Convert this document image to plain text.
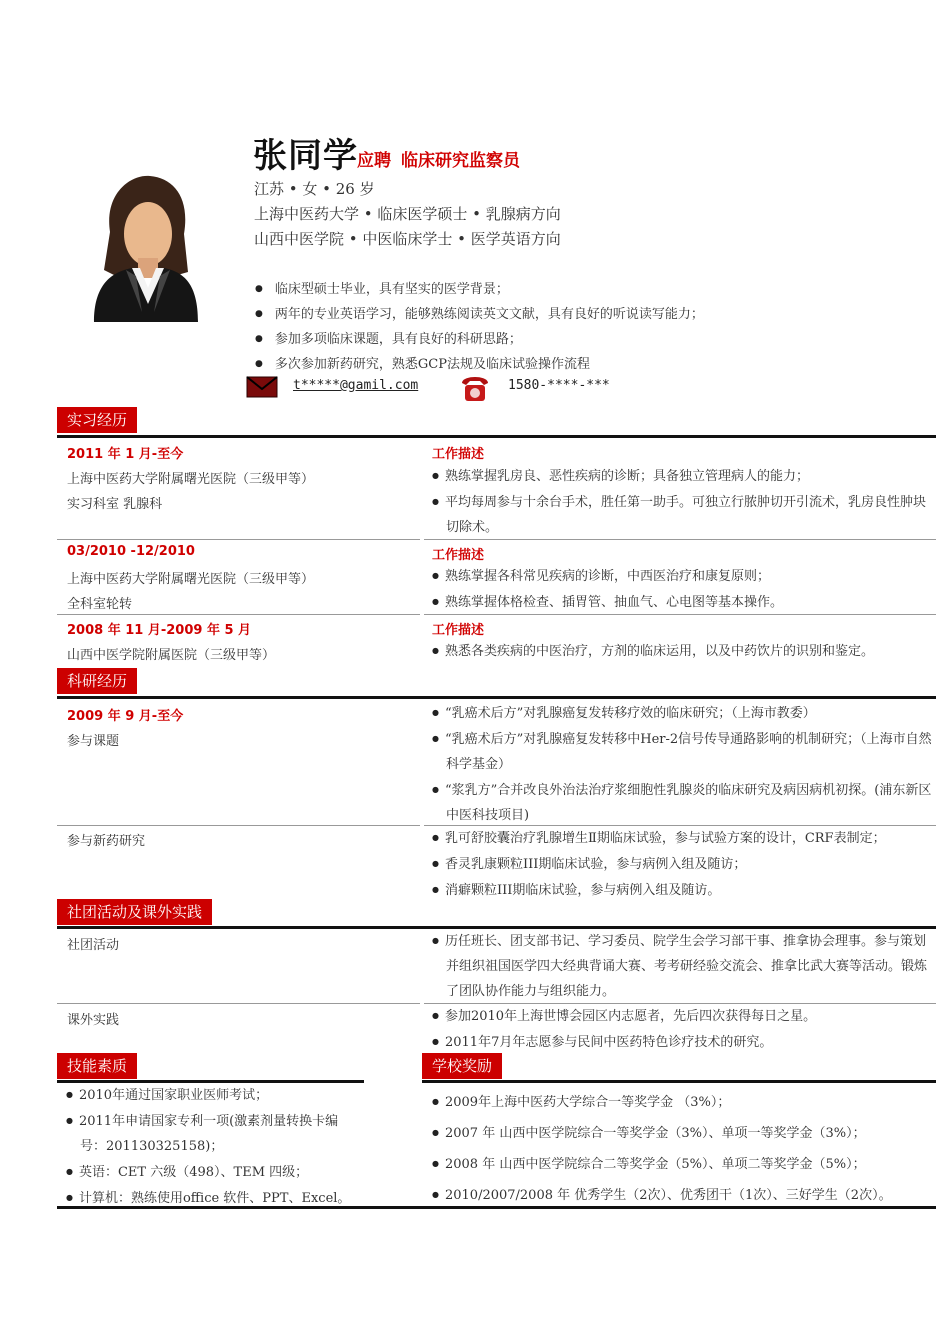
张同学 应聘 临床研究监察员
江苏 • 女 • 26 岁
上海中医药大学 • 临床医学硕士 • 乳腺病方向
山西中医学院 • 中医临床学士 • 医学英语方向
● 临床型硕士毕业，具有坚实的医学背景；
● 两年的专业英语学习，能够熟练阅读英文文献，具有良好的听说读写能力；
● 参加多项临床课题，具有良好的科研思路；
● 多次参加新药研究，熟悉GCP法规及临床试验操作流程
t*****@gamil.com	1580-****-***
实习经历
2011 年 1 月-至今
上海中医药大学附属曙光医院（三级甲等）
实习科室 乳腺科
工作描述
● 熟练掌握乳房良、恶性疾病的诊断；具备独立管理病人的能力；
● 平均每周参与十余台手术，胜任第一助手。可独立行脓肿切开引流术，乳房良性肿块切除术。
03/2010 -12/2010
上海中医药大学附属曙光医院（三级甲等）
全科室轮转
工作描述
● 熟练掌握各科常见疾病的诊断，中西医治疗和康复原则；
● 熟练掌握体格检查、插胃管、抽血气、心电图等基本操作。
2008 年 11 月-2009 年 5 月
山西中医学院附属医院（三级甲等）
工作描述
● 熟悉各类疾病的中医治疗，方剂的临床运用，以及中药饮片的识别和鉴定。
科研经历
2009 年 9 月-至今
参与课题
● “乳癌术后方”对乳腺癌复发转移疗效的临床研究；（上海市教委）
● “乳癌术后方”对乳腺癌复发转移中Her-2信号传导通路影响的机制研究；（上海市自然科学基金）
● “浆乳方”合并改良外治法治疗浆细胞性乳腺炎的临床研究及病因病机初探。(浦东新区中医科技项目)
参与新药研究	● 乳可舒胶囊治疗乳腺增生Ⅱ期临床试验，参与试验方案的设计，CRF表制定；
● 香灵乳康颗粒III期临床试验，参与病例入组及随访；
● 消癖颗粒III期临床试验，参与病例入组及随访。
社团活动及课外实践
社团活动	● 历任班长、团支部书记、学习委员、院学生会学习部干事、推拿协会理事。参与策划并组织祖国医学四大经典背诵大赛、考考研经验交流会、推拿比武大赛等活动。锻炼了团队协作能力与组织能力。
课外实践	● 参加2010年上海世博会园区内志愿者，先后四次获得每日之星。
● 2011年7月年志愿参与民间中医药特色诊疗技术的研究。
技能素质
● 2010年通过国家职业医师考试；
● 2011年申请国家专利一项(激素剂量转换卡编号：201130325158)；
● 英语：CET 六级（498）、TEM 四级；
● 计算机：熟练使用office 软件、PPT、Excel。
学校奖励
● 2009年上海中医药大学综合一等奖学金 （3%）；
● 2007 年 山西中医学院综合一等奖学金（3%）、单项一等奖学金（3%）；
● 2008 年 山西中医学院综合二等奖学金（5%）、单项二等奖学金（5%）；
● 2010/2007/2008 年 优秀学生（2次）、优秀团干（1次）、三好学生（2次）。
